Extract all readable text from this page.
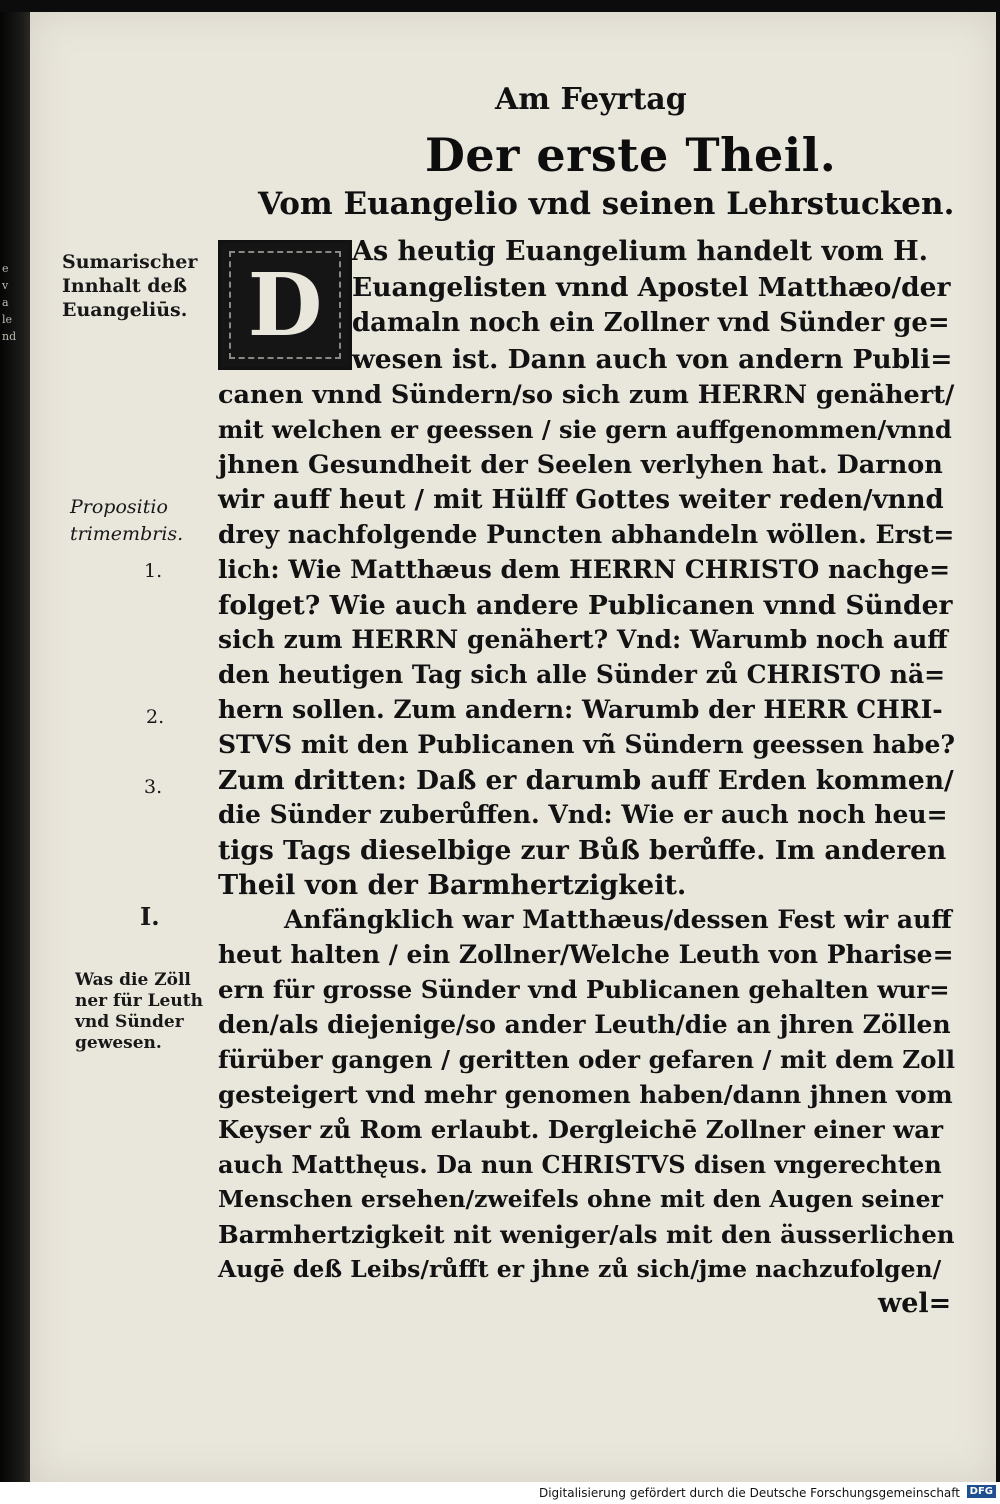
e
v
a
le
nd
Am Feyrtag
Der erste Theil.
Vom Euangelio vnd seinen Lehrstucken.
D
Sumarischer
Innhalt deß
Euangeliūs.
Propositio
trimembris.
1.
2.
3.
I.
Was die Zöll
ner für Leuth
vnd Sünder
gewesen.
As heutig Euangelium handelt vom H.
Euangelisten vnnd Apostel Matthæo/der
damaln noch ein Zollner vnd Sünder ge=
wesen ist. Dann auch von andern Publi=
canen vnnd Sündern/so sich zum HERRN genähert/
mit welchen er geessen / sie gern auffgenommen/vnnd
jhnen Gesundheit der Seelen verlyhen hat. Darnon
wir auff heut / mit Hülff Gottes weiter reden/vnnd
drey nachfolgende Puncten abhandeln wöllen. Erst=
lich: Wie Matthæus dem HERRN CHRISTO nachge=
folget? Wie auch andere Publicanen vnnd Sünder
sich zum HERRN genähert? Vnd: Warumb noch auff
den heutigen Tag sich alle Sünder zů CHRISTO nä=
hern sollen. Zum andern: Warumb der HERR CHRI-
STVS mit den Publicanen vñ Sündern geessen habe?
Zum dritten: Daß er darumb auff Erden kommen/
die Sünder zuberůffen. Vnd: Wie er auch noch heu=
tigs Tags dieselbige zur Bůß berůffe. Im anderen
Theil von der Barmhertzigkeit.
Anfängklich war Matthæus/dessen Fest wir auff
heut halten / ein Zollner/Welche Leuth von Pharise=
ern für grosse Sünder vnd Publicanen gehalten wur=
den/als diejenige/so ander Leuth/die an jhren Zöllen
fürüber gangen / geritten oder gefaren / mit dem Zoll
gesteigert vnd mehr genomen haben/dann jhnen vom
Keyser zů Rom erlaubt. Dergleichē Zollner einer war
auch Matthęus. Da nun CHRISTVS disen vngerechten
Menschen ersehen/zweifels ohne mit den Augen seiner
Barmhertzigkeit nit weniger/als mit den äusserlichen
Augē deß Leibs/růfft er jhne zů sich/jme nachzufolgen/
wel=
Digitalisierung gefördert durch die Deutsche Forschungsgemeinschaft DFG
